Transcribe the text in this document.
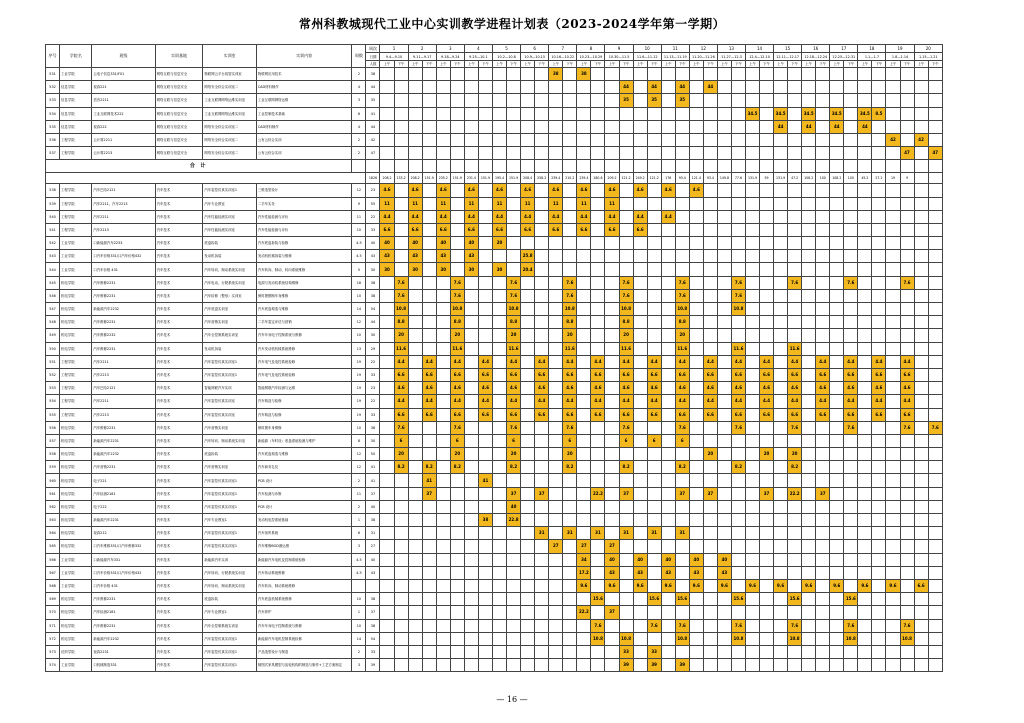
常州科教城现代工业中心实训教学进程计划表（2023-2024学年第一学期）
序号	学院名	班级	实训基地	实训室	实训内容	周数	周次	1		2		3		4		5		6		7		8		9		10		11		12		13		14		15		16		17		18		19		20	
							日期	9.4—9.10		9.11—9.17		9.18—9.24		9.25—10.1		10.2—10.8		10.9—10.15		10.16—10.22		10.23—10.29		10.30—11.5		11.6—11.12		11.13—11.19		11.20—11.26		11.27—12.3		12.4—12.10		12.11—12.17		12.18—12.24		12.25—12.31		1.1—1.7		1.8—1.14		1.15—1.21	
							人数	上午	下午	上午	下午	上午	下午	上午	下午	上午	下午	上午	下午	上午	下午	上午	下午	上午	下午	上午	下午	上午	下午	上午	下午	上午	下午	上午	下午	上午	下午	上午	下午	上午	下午	上午	下午	上午	下午	上午	下午
531	工业学院	云电子信息331/F01	网络互联与信息安全	物联网云平台视智实训室	物联网应用技术	2	38													38		38																									
532	信息学院	视真221	网络互联与信息安全	网络安全综合实训室二	CAD材料制作	4	44																		44		44		44		44																
533	信息学院	语音2211	网络互联与信息安全	工业互联网网络运维实训室	工业互联网网络运维	3	35																		35		35		35																		
534	信息学院	工业互联网技术222	网络互联与信息安全	工业互联网网络运维实训室	工业控制技术基础	6	41																											34.5		34.5		34.5		34.5		34.5	8.5				
535	信息学院	视真222	网络互联与信息安全	网络安全综合实训室二	CAD材料制作	4	44																													44		44		44		44					
536	工程学院	云计算2211	网络互联与信息安全	网络安全综合实训室二	公有云综合实训	2	42																																					42		42	
537	工程学院	云计算2213	网络互联与信息安全	网络安全综合实训室二	公有云综合实训	2	47																																						47		47
合 计																																															
							1826	208.2	133.2	208.2	151.9	235.2	151.9	231.4	151.9	195.4	151.9	208.4	258.2	239.4	210.2	239.4	180.6	209.2	121.2	249.2	121.2	176	93.4	121.4	93.4	149.8	77.6	131.9	59	131.9	47.2	108.2	100	108.2	100	45.2	27.2	19	9		
538	工程学院	汽车巴哈2121	汽车技术	汽车鉴控仿真实训室1	三维造型设计	12	23	4.6		4.6		4.6		4.6		4.6		4.6		4.6		4.6		4.6		4.6		4.6		4.6																	
539	工程学院	汽车2211、汽车2213	汽车技术	汽车专业教室	二手车实务	9	55	11		11		11		11		11		11		11		11		11																							
540	工程学院	汽车2211	汽车技术	汽车性能检测实训室	汽车性能检测与评价	11	22	4.4		4.4		4.4		4.4		4.4		4.4		4.4		4.4		4.4		4.4		4.4																			
541	工程学院	汽车2213	汽车技术	汽车性能检测实训室	汽车性能检测与评价	10	33	6.6		6.6		6.6		6.6		6.6		6.6		6.6		6.6		6.6		6.6																					
542	工业学院	口新能源汽车2233	汽车技术	底盘拆装	汽车底盘拆装与检修	4.5	40	40		40		40		40		20																															
543	工业学院	口汽车价格331/口汽车价格432	汽车技术	发动机拆装	发动机机械拆装与维修	4.5	43	43		43		43		43				25.8																													
544	工业学院	口汽车价格 431	汽车技术	汽车转向、制动系统实训室	汽车转向、制动、转向系统维修	5	30	30		30		30		30		30		20.4																													
545	机电学院	汽车维修2231	汽车技术	汽车电动、行驶系统实训室	电源与发动机系统结构维修	18	38		7.6				7.6				7.6				7.6				7.6				7.6				7.6				7.6				7.6				7.6		
546	机电学院	汽车维修2231	汽车技术	汽车检修（整形）实训室	保时捷钢制车身维修	10	38		7.6				7.6				7.6				7.6				7.6				7.6				7.6														
547	机电学院	新能源汽车2232	汽车技术	汽车底盘实训室	汽车底盘构造与维修	14	54		10.8				10.8				10.8				10.8				10.8				10.8				10.8														
548	机电学院	汽车维修2231	汽车技术	汽车营销实训室	二手车鉴定评估与营销	12	44		8.8				8.8				8.8				8.8				8.8				8.8																		
549	机电学院	汽车维修2232	汽车技术	汽车全控制系统实训室	汽车车身电子控制系统与维修	10	30		20				20				20				20				20				20																		
550	机电学院	汽车维修2231	汽车技术	发动机拆装	汽车发动机机械系统维修	13	29		11.6				11.6				11.6				11.6				11.6				11.6				11.6				11.6										
551	工程学院	汽车2211	汽车技术	汽车鉴控仿真实训室1	汽车电气及电控系统检修	19	22		4.4		4.4		4.4		4.4		4.4		4.4		4.4		4.4		4.4		4.4		4.4		4.4		4.4		4.4		4.4		4.4		4.4		4.4		4.4		
552	工程学院	汽车2213	汽车技术	汽车鉴控仿真实训室1	汽车电气及电控系统检修	19	33		6.6		6.6		6.6		6.6		6.6		6.6		6.6		6.6		6.6		6.6		6.6		6.6		6.6		6.6		6.6		6.6		6.6		6.6		6.6		
553	工程学院	汽车巴哈2121	汽车技术	智能网联汽车实训	智能网联汽车检测与运维	19	23		4.6		4.6		4.6		4.6		4.6		4.6		4.6		4.6		4.6		4.6		4.6		4.6		4.6		4.6		4.6		4.6		4.6		4.6		4.6		
554	工程学院	汽车2211	汽车技术	汽车鉴控仿真实训室	汽车构造与检修	19	22		4.4		4.4		4.4		4.4		4.4		4.4		4.4		4.4		4.4		4.4		4.4		4.4		4.4		4.4		4.4		4.4		4.4		4.4		4.4		
555	工程学院	汽车2213	汽车技术	汽车鉴控仿真实训室	汽车构造与检修	19	33		6.6		6.6		6.6		6.6		6.6		6.6		6.6		6.6		6.6		6.6		6.6		6.6		6.6		6.6		6.6		6.6		6.6		6.6		6.6		
556	机电学院	汽车维修2231	汽车技术	汽车营销实训室	保时捷车身维修	10	38		7.6				7.6				7.6				7.6				7.6				7.6				7.6				7.6				7.6				7.6		7.6
557	机电学院	新能源汽车2231	汽车技术	汽车转向、制动系统实训室	新能源（车时设）底盘系统检测与维护	8	30		6				6				6				6				6		6		6																		
558	机电学院	新能源汽车2232	汽车技术	底盘拆装	汽车底盘构造与维修	12	50		20				20				20				20										20				20		20										
559	机电学院	汽车营销2231	汽车技术	汽车营销实训室	汽车商务礼仪	12	41		8.2		8.2		8.2				8.2				8.2				8.2				8.2				8.2				8.2										
560	机电学院	电子221	汽车技术	汽车鉴控仿真实训室1	PCB 设计	2	41				41				41																																
561	机电学院	汽车检测2181	汽车技术	汽车鉴控仿真实训室1	汽车检测与诊断	11	37				37						37		37				22.2		37				37		37				37		22.2		37								
562	机电学院	电子222	汽车技术	汽车鉴控仿真实训室1	PCB 设计	2	40										40																														
563	机电学院	新能源汽车2231	汽车技术	汽车专业教室1	发动机电控系统基础	1	38								38		22.8																														
564	机电学院	视真212	汽车技术	汽车鉴控仿真实训室1	汽车视听系统	6	31												31		31		31		31		31		31																		
565	机电学院	口汽车维修331/口汽车维修332	汽车技术	汽车鉴控仿真实训室1	汽车维修BOD测运维	3	27													27		27		27																							
566	工业学院	口新能源汽车331	汽车技术	新能源汽车实训	新能源汽车电机及控制系统检修	4.5	40															34		40		40		40		40		40															
567	工业学院	口汽车价格331/口汽车价格432	汽车技术	汽车转向、行驶系统实训室	汽车传动系统维修	4.5	43															17.2		43		43		43		43		43															
568	工业学院	口汽车价格 431	汽车技术	汽车转向、制动系统实训室	汽车转向、制动系统维修																	9.6		9.6		9.6		9.6		9.6		9.6		9.6		9.6		9.6		9.6		9.6		9.6		6.6	
569	机电学院	汽车维修2231	汽车技术	底盘拆装	汽车底盘机械系统维修	10	38																15.6				15.6		15.6				15.6				15.6				15.6						
570	机电学院	汽车检测2181	汽车技术	汽车专业教室1	汽车养护	1	37															22.2		37																							
571	机电学院	汽车维修2231	汽车技术	汽车全控制系统实训室	汽车车身电子控制系统与维修	10	38																7.6				7.6		7.6				7.6				7.6				7.6				7.6		
572	机电学院	新能源汽车2232	汽车技术	汽车鉴控仿真实训室1	新能源汽车电机控制系统检修	14	54																10.8		10.8				10.8				10.8				10.8				10.8				10.8		
573	纺织学院	视真2231	汽车技术	汽车鉴控仿真实训室1	产品造型设计与制造	2	33																		33		33																				
574	工业学院	口机械制造331	汽车技术	汽车鉴控仿真实训室1	制图式家具模型与齿轮机构的制造与制作+工艺方案制定	3	39																		39		39		39																		
— 16 —
